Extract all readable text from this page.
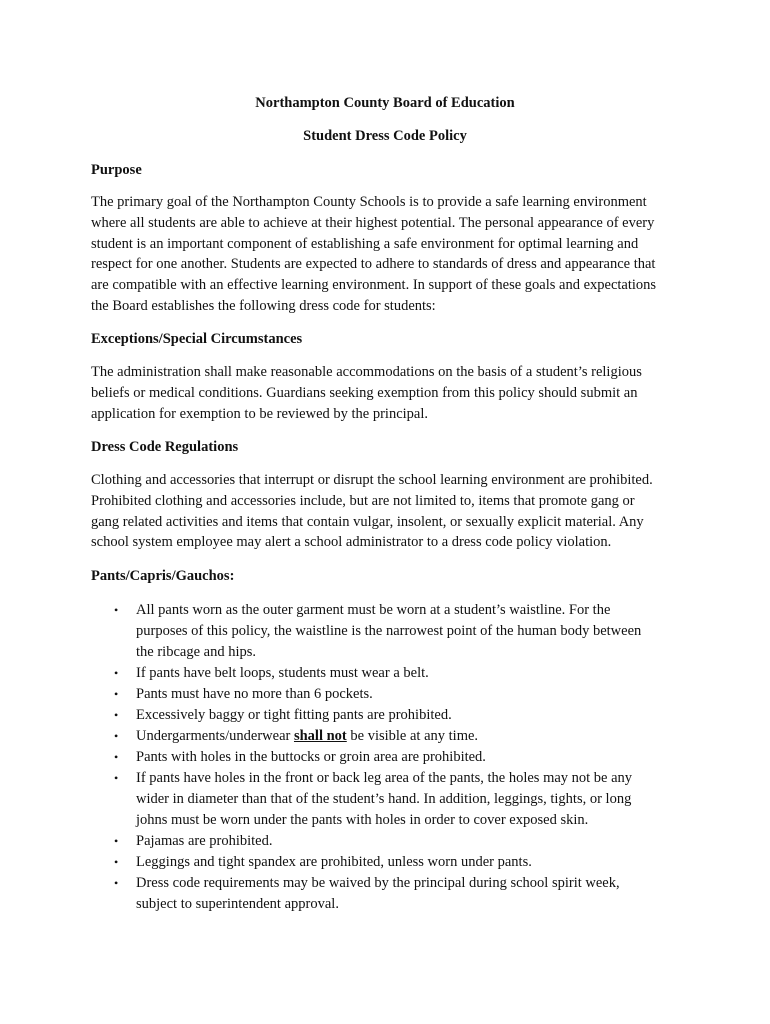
Northampton County Board of Education
Student Dress Code Policy
Purpose

The primary goal of the Northampton County Schools is to provide a safe learning environment
where all students are able to achieve at their highest potential. The personal appearance of every
student is an important component of establishing a safe environment for optimal learning and
respect for one another. Students are expected to adhere to standards of dress and appearance that
are compatible with an effective learning environment. In support of these goals and expectations
the Board establishes the following dress code for students:

Exceptions/Special Circumstances

The administration shall make reasonable accommodations on the basis of a student’s religious
beliefs or medical conditions. Guardians seeking exemption from this policy should submit an
application for exemption to be reviewed by the principal.

Dress Code Regulations

Clothing and accessories that interrupt or disrupt the school learning environment are prohibited.
Prohibited clothing and accessories include, but are not limited to, items that promote gang or
gang related activities and items that contain vulgar, insolent, or sexually explicit material. Any
school system employee may alert a school administrator to a dress code policy violation.

Pants/Capris/Gauchos:
• All pants worn as the outer garment must be worn at a student’s waistline. For the
purposes of this policy, the waistline is the narrowest point of the human body between
the ribcage and hips.
• If pants have belt loops, students must wear a belt.
• Pants must have no more than 6 pockets.
• Excessively baggy or tight fitting pants are prohibited.
• Undergarments/underwear shall not be visible at any time.
• Pants with holes in the buttocks or groin area are prohibited.
• If pants have holes in the front or back leg area of the pants, the holes may not be any
wider in diameter than that of the student’s hand. In addition, leggings, tights, or long
johns must be worn under the pants with holes in order to cover exposed skin.
• Pajamas are prohibited.
• Leggings and tight spandex are prohibited, unless worn under pants.
• Dress code requirements may be waived by the principal during school spirit week,
subject to superintendent approval.
